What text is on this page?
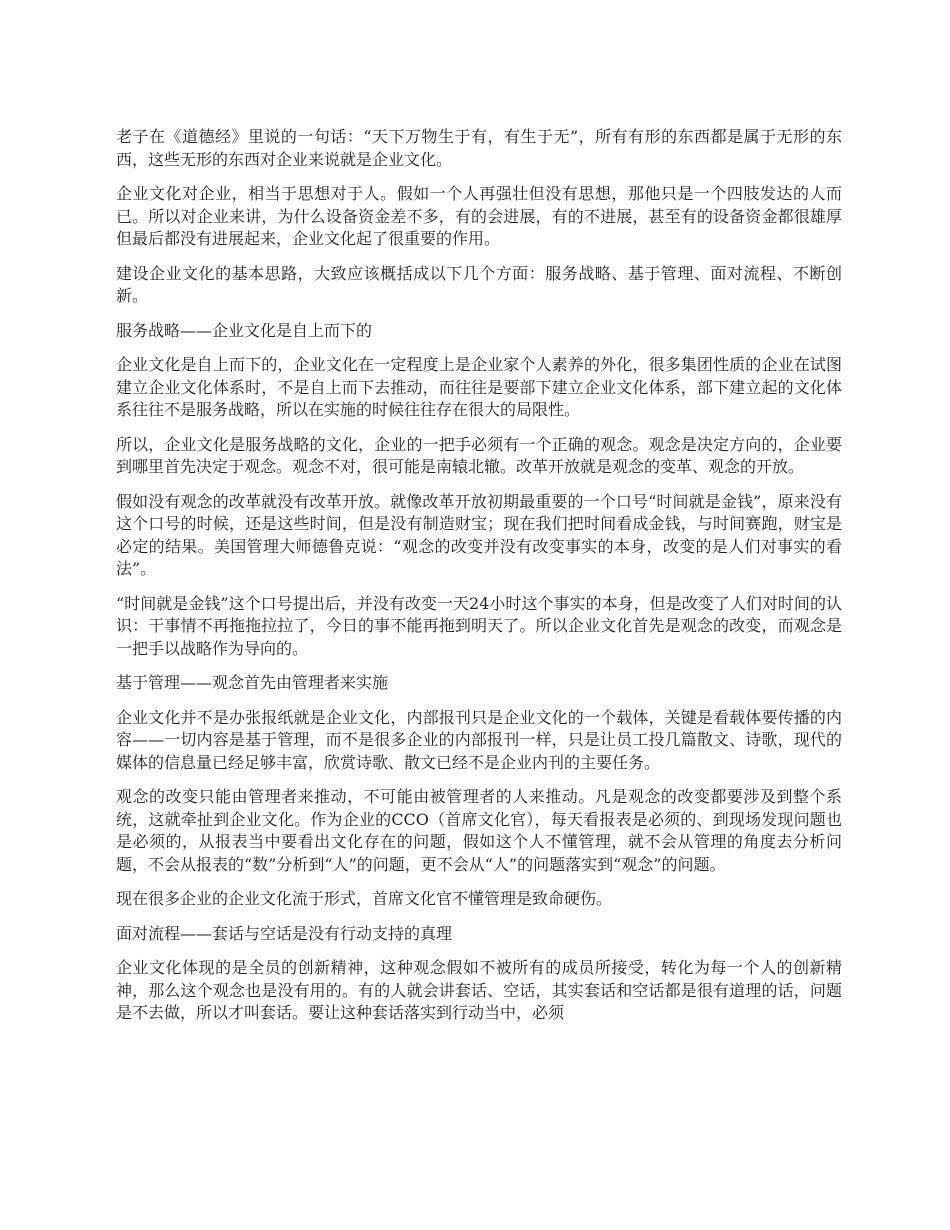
老子在《道德经》里说的一句话：“天下万物生于有，有生于无”，所有有形的东西都是属于无形的东西，这些无形的东西对企业来说就是企业文化。

企业文化对企业，相当于思想对于人。假如一个人再强壮但没有思想，那他只是一个四肢发达的人而已。所以对企业来讲，为什么设备资金差不多，有的会进展，有的不进展，甚至有的设备资金都很雄厚但最后都没有进展起来，企业文化起了很重要的作用。

建设企业文化的基本思路，大致应该概括成以下几个方面：服务战略、基于管理、面对流程、不断创新。

服务战略——企业文化是自上而下的

企业文化是自上而下的，企业文化在一定程度上是企业家个人素养的外化，很多集团性质的企业在试图建立企业文化体系时，不是自上而下去推动，而往往是要部下建立企业文化体系，部下建立起的文化体系往往不是服务战略，所以在实施的时候往往存在很大的局限性。

所以，企业文化是服务战略的文化，企业的一把手必须有一个正确的观念。观念是决定方向的，企业要到哪里首先决定于观念。观念不对，很可能是南辕北辙。改革开放就是观念的变革、观念的开放。

假如没有观念的改革就没有改革开放。就像改革开放初期最重要的一个口号“时间就是金钱”，原来没有这个口号的时候，还是这些时间，但是没有制造财宝；现在我们把时间看成金钱，与时间赛跑，财宝是必定的结果。美国管理大师德鲁克说：“观念的改变并没有改变事实的本身，改变的是人们对事实的看法”。

“时间就是金钱”这个口号提出后，并没有改变一天24小时这个事实的本身，但是改变了人们对时间的认识：干事情不再拖拖拉拉了，今日的事不能再拖到明天了。所以企业文化首先是观念的改变，而观念是一把手以战略作为导向的。

基于管理——观念首先由管理者来实施

企业文化并不是办张报纸就是企业文化，内部报刊只是企业文化的一个载体，关键是看载体要传播的内容——一切内容是基于管理，而不是很多企业的内部报刊一样，只是让员工投几篇散文、诗歌，现代的媒体的信息量已经足够丰富，欣赏诗歌、散文已经不是企业内刊的主要任务。

观念的改变只能由管理者来推动，不可能由被管理者的人来推动。凡是观念的改变都要涉及到整个系统，这就牵扯到企业文化。作为企业的CCO（首席文化官），每天看报表是必须的、到现场发现问题也是必须的，从报表当中要看出文化存在的问题，假如这个人不懂管理，就不会从管理的角度去分析问题，不会从报表的“数”分析到“人”的问题，更不会从“人”的问题落实到“观念”的问题。

现在很多企业的企业文化流于形式，首席文化官不懂管理是致命硬伤。

面对流程——套话与空话是没有行动支持的真理

企业文化体现的是全员的创新精神，这种观念假如不被所有的成员所接受，转化为每一个人的创新精神，那么这个观念也是没有用的。有的人就会讲套话、空话，其实套话和空话都是很有道理的话，问题是不去做，所以才叫套话。要让这种套话落实到行动当中，必须
